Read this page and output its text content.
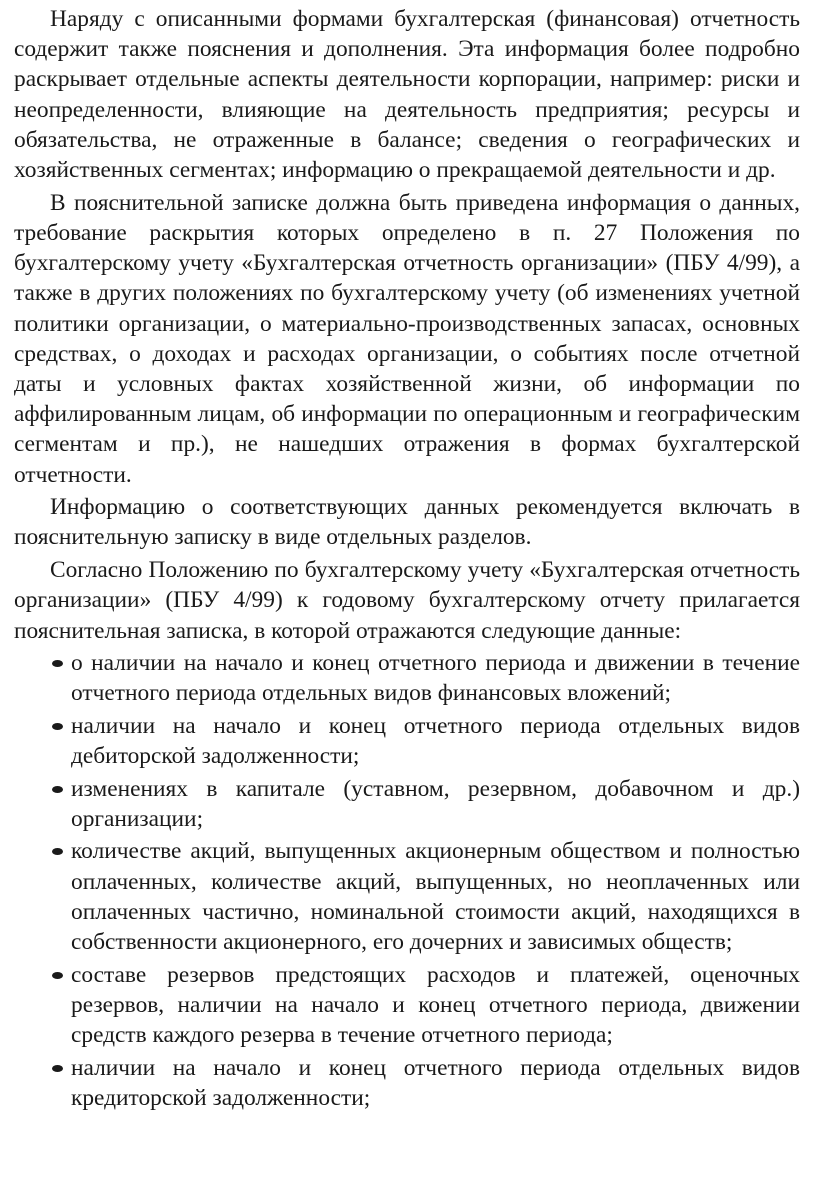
Наряду с описанными формами бухгалтерская (финансовая) отчетность содержит также пояснения и дополнения. Эта информация более подробно раскрывает отдельные аспекты деятельности корпорации, например: риски и неопределенности, влияющие на деятельность предприятия; ресурсы и обязательства, не отраженные в балансе; сведения о географических и хозяйственных сегментах; информацию о прекращаемой деятельности и др.

В пояснительной записке должна быть приведена информация о данных, требование раскрытия которых определено в п. 27 Положения по бухгалтерскому учету «Бухгалтерская отчетность организации» (ПБУ 4/99), а также в других положениях по бухгалтерскому учету (об изменениях учетной политики организации, о материально-производственных запасах, основных средствах, о доходах и расходах организации, о событиях после отчетной даты и условных фактах хозяйственной жизни, об информации по аффилированным лицам, об информации по операционным и географическим сегментам и пр.), не нашедших отражения в формах бухгалтерской отчетности.

Информацию о соответствующих данных рекомендуется включать в пояснительную записку в виде отдельных разделов.

Согласно Положению по бухгалтерскому учету «Бухгалтерская отчетность организации» (ПБУ 4/99) к годовому бухгалтерскому отчету прилагается пояснительная записка, в которой отражаются следующие данные:

о наличии на начало и конец отчетного периода и движении в течение отчетного периода отдельных видов финансовых вложений;
наличии на начало и конец отчетного периода отдельных видов дебиторской задолженности;
изменениях в капитале (уставном, резервном, добавочном и др.) организации;
количестве акций, выпущенных акционерным обществом и полностью оплаченных, количестве акций, выпущенных, но неоплаченных или оплаченных частично, номинальной стоимости акций, находящихся в собственности акционерного, его дочерних и зависимых обществ;
составе резервов предстоящих расходов и платежей, оценочных резервов, наличии на начало и конец отчетного периода, движении средств каждого резерва в течение отчетного периода;
наличии на начало и конец отчетного периода отдельных видов кредиторской задолженности;
